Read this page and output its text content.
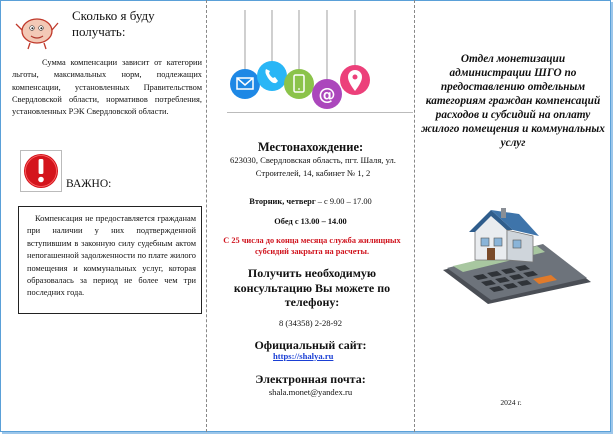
Сколько я буду получать:
Сумма компенсации зависит от категории льготы, максимальных норм, подлежащих компенсации, установленных Правительством Свердловской области, нормативов потребления, установленных РЭК Свердловской области.
ВАЖНО:
Компенсация не предоставляется гражданам при наличии у них подтвержденной вступившим в законную силу судебным актом непогашенной задолженности по плате жилого помещения и коммунальных услуг, которая образовалась за период не более чем три последних года.
@
Местонахождение:
623030, Свердловская область, пгт. Шаля, ул. Строителей, 14, кабинет № 1, 2
Вторник, четверг – с 9.00 – 17.00
Обед с 13.00 – 14.00
С 25 числа до конца месяца служба жилищных субсидий закрыта на расчеты.
Получить необходимую консультацию Вы можете по телефону:
8 (34358) 2-28-92
Официальный сайт:
https://shalya.ru
Электронная почта:
shala.monet@yandex.ru
Отдел монетизации администрации ШГО по предоставлению отдельным категориям граждан компенсаций расходов и субсидий на оплату жилого помещения и коммунальных услуг
2024 г.
